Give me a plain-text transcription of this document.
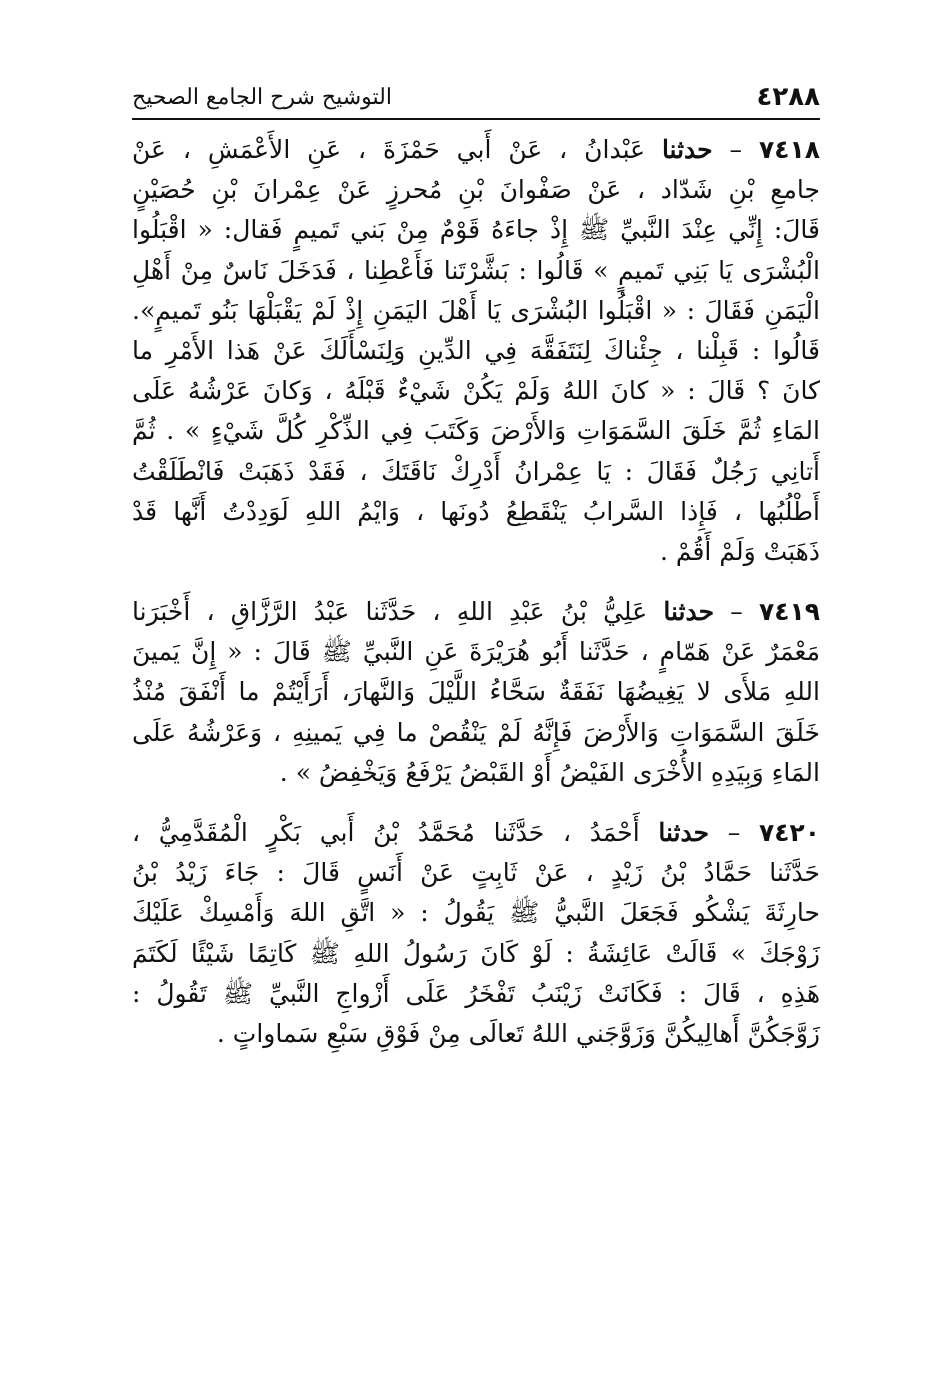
٤٢٨٨
التوشيح شرح الجامع الصحيح
٧٤١٨ – حدثنا عَبْدانُ ، عَنْ أَبي حَمْزَةَ ، عَنِ الأَعْمَشِ ، عَنْ
جامعِ بْنِ شَدّاد ، عَنْ صَفْوانَ بْنِ مُحرزٍ عَنْ عِمْرانَ بْنِ حُصَيْنٍ
قَالَ: إِنِّي عِنْدَ النَّبيِّ ﷺ إِذْ جاءَهُ قَوْمٌ مِنْ بَني تَميمٍ فَقال: « اقْبَلُوا
الْبُشْرَى يَا بَنِي تَميمٍ » قَالُوا : بَشَّرْتَنا فَأَعْطِنا ، فَدَخَلَ نَاسٌ مِنْ أَهْلِ
الْيَمَنِ فَقَالَ : « اقْبَلُوا البُشْرَى يَا أَهْلَ اليَمَنِ إِذْ لَمْ يَقْبَلْهَا بَنُو تَميمٍ».
قَالُوا : قَبِلْنا ، جِئْناكَ لِنَتَفَقَّهَ فِي الدِّينِ وَلِنَسْأَلَكَ عَنْ هَذا الأَمْرِ ما
كانَ ؟ قَالَ : « كانَ اللهُ وَلَمْ يَكُنْ شَيْءٌ قَبْلَهُ ، وَكانَ عَرْشُهُ عَلَى
المَاءِ ثُمَّ خَلَقَ السَّمَوَاتِ وَالأَرْضَ وَكَتَبَ فِي الذِّكْرِ كُلَّ شَيْءٍ » . ثُمَّ
أَتانِي رَجُلٌ فَقَالَ : يَا عِمْرانُ أَدْرِكْ نَاقَتَكَ ، فَقَدْ ذَهَبَتْ فَانْطَلَقْتُ
أَطْلُبُها ، فَإِذا السَّرابُ يَنْقَطِعُ دُونَها ، وَايْمُ اللهِ لَوَدِدْتُ أَنَّها قَدْ
ذَهَبَتْ وَلَمْ أَقُمْ .
٧٤١٩ – حدثنا عَلِيُّ بْنُ عَبْدِ اللهِ ، حَدَّثَنا عَبْدُ الرَّزَّاقِ ، أَخْبَرَنا
مَعْمَرٌ عَنْ هَمّامٍ ، حَدَّثَنا أَبُو هُرَيْرَةَ عَنِ النَّبيِّ ﷺ قَالَ : « إِنَّ يَمينَ
اللهِ مَلأَى لا يَغِيضُهَا نَفَقَةٌ سَحَّاءُ اللَّيْلَ وَالنَّهارَ، أَرَأَيْتُمْ ما أَنْفَقَ مُنْذُ
خَلَقَ السَّمَوَاتِ وَالأَرْضَ فَإِنَّهُ لَمْ يَنْقُصْ ما فِي يَمينِهِ ، وَعَرْشُهُ عَلَى
المَاءِ وَبِيَدِهِ الأُخْرَى الفَيْضُ أَوْ القَبْضُ يَرْفَعُ وَيَخْفِضُ » .
٧٤٢٠ – حدثنا أَحْمَدُ ، حَدَّثَنا مُحَمَّدُ بْنُ أَبي بَكْرٍ الْمُقَدَّمِيُّ ،
حَدَّثَنا حَمَّادُ بْنُ زَيْدٍ ، عَنْ ثَابِتٍ عَنْ أَنَسٍ قَالَ : جَاءَ زَيْدُ بْنُ
حارِثَةَ يَشْكُو فَجَعَلَ النَّبيُّ ﷺ يَقُولُ : « اتَّقِ اللهَ وَأَمْسِكْ عَلَيْكَ
زَوْجَكَ » قَالَتْ عَائِشَةُ : لَوْ كَانَ رَسُولُ اللهِ ﷺ كَاتِمًا شَيْئًا لَكَتَمَ
هَذِهِ ، قَالَ : فَكَانَتْ زَيْنَبُ تَفْخَرُ عَلَى أَزْواجِ النَّبيِّ ﷺ تَقُولُ :
زَوَّجَكُنَّ أَهالِيكُنَّ وَزَوَّجَني اللهُ تَعالَى مِنْ فَوْقِ سَبْعِ سَماواتٍ .
